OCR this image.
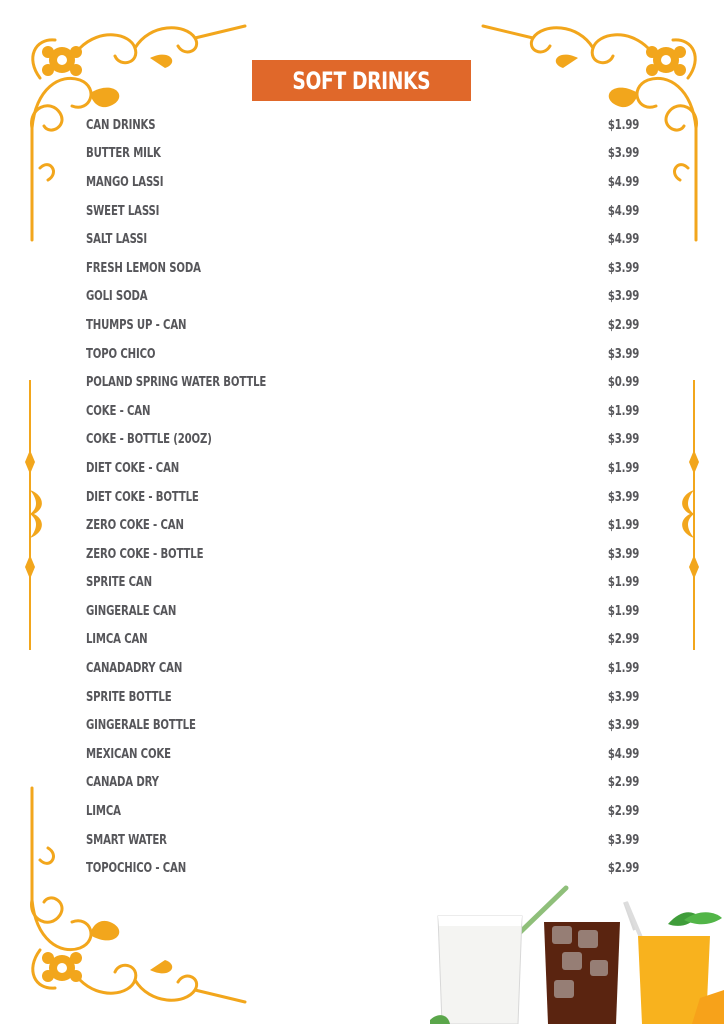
SOFT DRINKS
CAN DRINKS	$1.99
BUTTER MILK	$3.99
MANGO LASSI	$4.99
SWEET LASSI	$4.99
SALT LASSI	$4.99
FRESH LEMON SODA	$3.99
GOLI SODA	$3.99
THUMPS UP - CAN	$2.99
TOPO CHICO	$3.99
POLAND SPRING WATER BOTTLE	$0.99
COKE - CAN	$1.99
COKE - BOTTLE (20OZ)	$3.99
DIET COKE - CAN	$1.99
DIET COKE - BOTTLE	$3.99
ZERO COKE - CAN	$1.99
ZERO COKE - BOTTLE	$3.99
SPRITE CAN	$1.99
GINGERALE CAN	$1.99
LIMCA CAN	$2.99
CANADADRY CAN	$1.99
SPRITE BOTTLE	$3.99
GINGERALE BOTTLE	$3.99
MEXICAN COKE	$4.99
CANADA DRY	$2.99
LIMCA	$2.99
SMART WATER	$3.99
TOPOCHICO - CAN	$2.99
